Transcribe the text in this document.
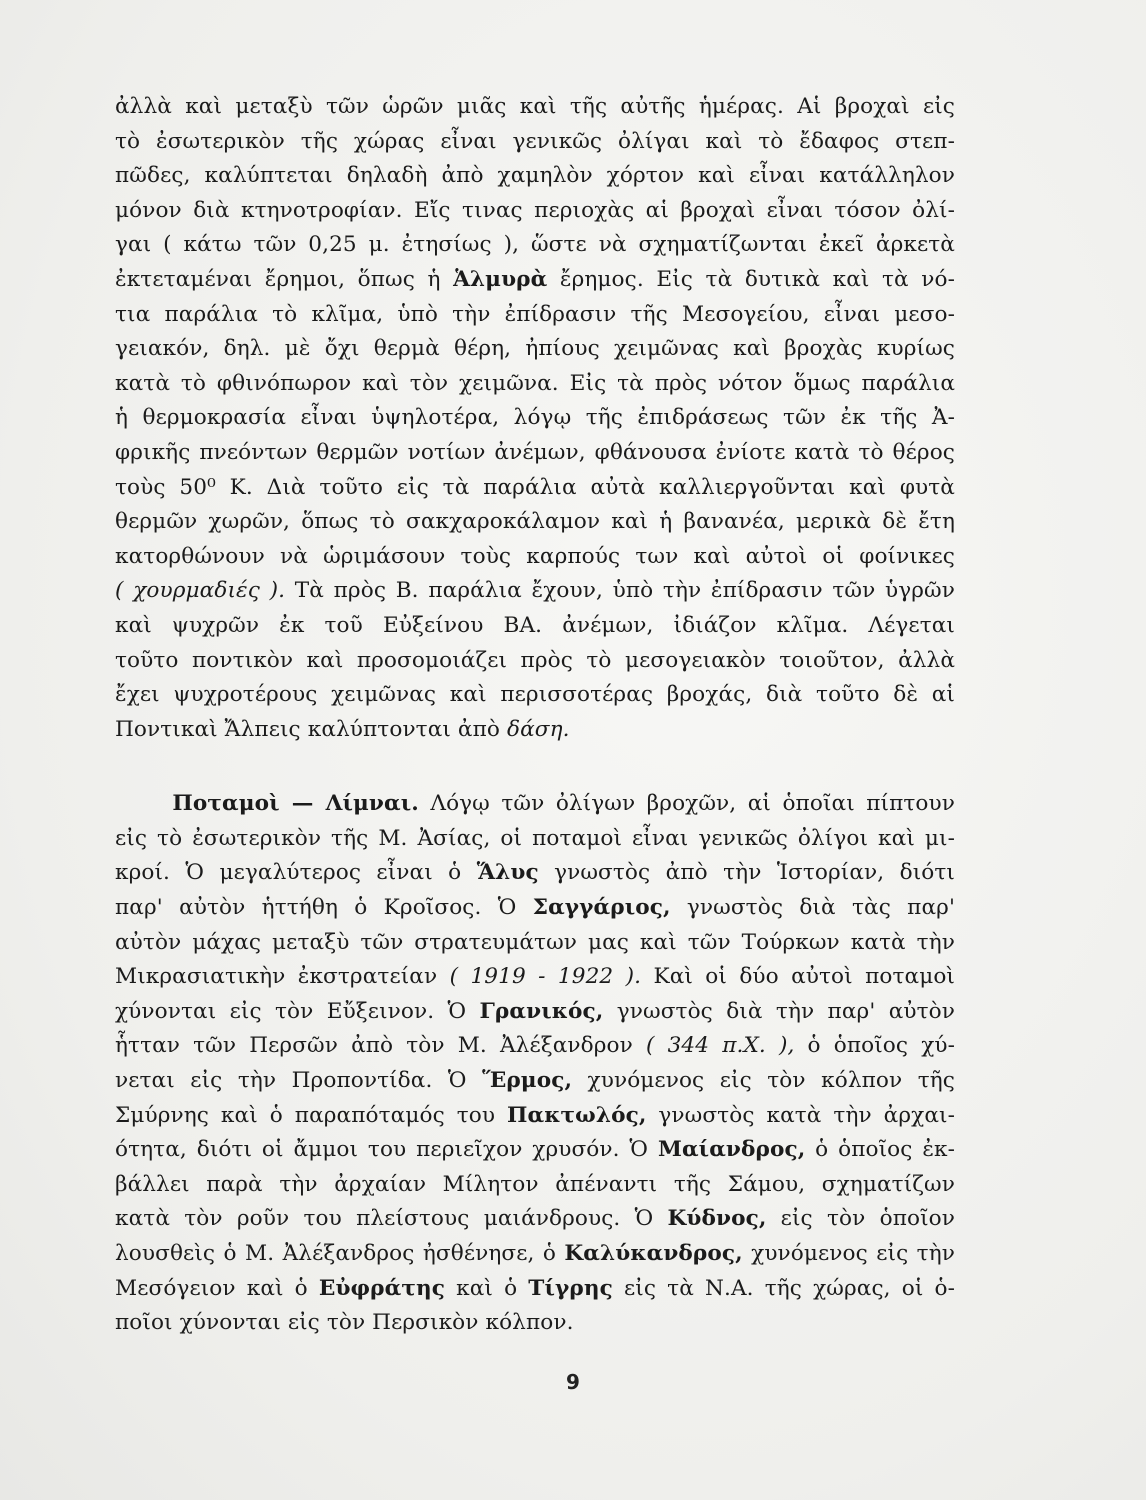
ἀλλὰ καὶ μεταξὺ τῶν ὡρῶν μιᾶς καὶ τῆς αὐτῆς ἡμέρας. Αἱ βροχαὶ εἰς
τὸ ἐσωτερικὸν τῆς χώρας εἶναι γενικῶς ὀλίγαι καὶ τὸ ἔδαφος στεπ-
πῶδες, καλύπτεται δηλαδὴ ἀπὸ χαμηλὸν χόρτον καὶ εἶναι κατάλληλον
μόνον διὰ κτηνοτροφίαν. Εἴς τινας περιοχὰς αἱ βροχαὶ εἶναι τόσον ὀλί-
γαι ( κάτω τῶν 0,25 μ. ἐτησίως ), ὥστε νὰ σχηματίζωνται ἐκεῖ ἀρκετὰ
ἐκτεταμέναι ἔρημοι, ὅπως ἡ Ἁλμυρὰ ἔρημος. Εἰς τὰ δυτικὰ καὶ τὰ νό-
τια παράλια τὸ κλῖμα, ὑπὸ τὴν ἐπίδρασιν τῆς Μεσογείου, εἶναι μεσο-
γειακόν, δηλ. μὲ ὄχι θερμὰ θέρη, ἠπίους χειμῶνας καὶ βροχὰς κυρίως
κατὰ τὸ φθινόπωρον καὶ τὸν χειμῶνα. Εἰς τὰ πρὸς νότον ὅμως παράλια
ἡ θερμοκρασία εἶναι ὑψηλοτέρα, λόγῳ τῆς ἐπιδράσεως τῶν ἐκ τῆς Ἀ-
φρικῆς πνεόντων θερμῶν νοτίων ἀνέμων, φθάνουσα ἐνίοτε κατὰ τὸ θέρος
τοὺς 50⁰ Κ. Διὰ τοῦτο εἰς τὰ παράλια αὐτὰ καλλιεργοῦνται καὶ φυτὰ
θερμῶν χωρῶν, ὅπως τὸ σακχαροκάλαμον καὶ ἡ βανανέα, μερικὰ δὲ ἔτη
κατορθώνουν νὰ ὡριμάσουν τοὺς καρπούς των καὶ αὐτοὶ οἱ φοίνικες
( χουρμαδιές ). Τὰ πρὸς Β. παράλια ἔχουν, ὑπὸ τὴν ἐπίδρασιν τῶν ὑγρῶν
καὶ ψυχρῶν ἐκ τοῦ Εὐξείνου ΒΑ. ἀνέμων, ἰδιάζον κλῖμα. Λέγεται
τοῦτο ποντικὸν καὶ προσομοιάζει πρὸς τὸ μεσογειακὸν τοιοῦτον, ἀλλὰ
ἔχει ψυχροτέρους χειμῶνας καὶ περισσοτέρας βροχάς, διὰ τοῦτο δὲ αἱ
Ποντικαὶ Ἄλπεις καλύπτονται ἀπὸ δάση.
Ποταμοὶ — Λίμναι. Λόγῳ τῶν ὀλίγων βροχῶν, αἱ ὁποῖαι πίπτουν
εἰς τὸ ἐσωτερικὸν τῆς Μ. Ἀσίας, οἱ ποταμοὶ εἶναι γενικῶς ὀλίγοι καὶ μι-
κροί. Ὁ μεγαλύτερος εἶναι ὁ Ἅλυς γνωστὸς ἀπὸ τὴν Ἱστορίαν, διότι
παρ' αὐτὸν ἡττήθη ὁ Κροῖσος. Ὁ Σαγγάριος, γνωστὸς διὰ τὰς παρ'
αὐτὸν μάχας μεταξὺ τῶν στρατευμάτων μας καὶ τῶν Τούρκων κατὰ τὴν
Μικρασιατικὴν ἐκστρατείαν ( 1919 - 1922 ). Καὶ οἱ δύο αὐτοὶ ποταμοὶ
χύνονται εἰς τὸν Εὔξεινον. Ὁ Γρανικός, γνωστὸς διὰ τὴν παρ' αὐτὸν
ἧτταν τῶν Περσῶν ἀπὸ τὸν Μ. Ἀλέξανδρον ( 344 π.Χ. ), ὁ ὁποῖος χύ-
νεται εἰς τὴν Προποντίδα. Ὁ Ἕρμος, χυνόμενος εἰς τὸν κόλπον τῆς
Σμύρνης καὶ ὁ παραπόταμός του Πακτωλός, γνωστὸς κατὰ τὴν ἀρχαι-
ότητα, διότι οἱ ἄμμοι του περιεῖχον χρυσόν. Ὁ Μαίανδρος, ὁ ὁποῖος ἐκ-
βάλλει παρὰ τὴν ἀρχαίαν Μίλητον ἀπέναντι τῆς Σάμου, σχηματίζων
κατὰ τὸν ροῦν του πλείστους μαιάνδρους. Ὁ Κύδνος, εἰς τὸν ὁποῖον
λουσθεὶς ὁ Μ. Ἀλέξανδρος ἠσθένησε, ὁ Καλύκανδρος, χυνόμενος εἰς τὴν
Μεσόγειον καὶ ὁ Εὐφράτης καὶ ὁ Τίγρης εἰς τὰ Ν.Α. τῆς χώρας, οἱ ὁ-
ποῖοι χύνονται εἰς τὸν Περσικὸν κόλπον.
9
